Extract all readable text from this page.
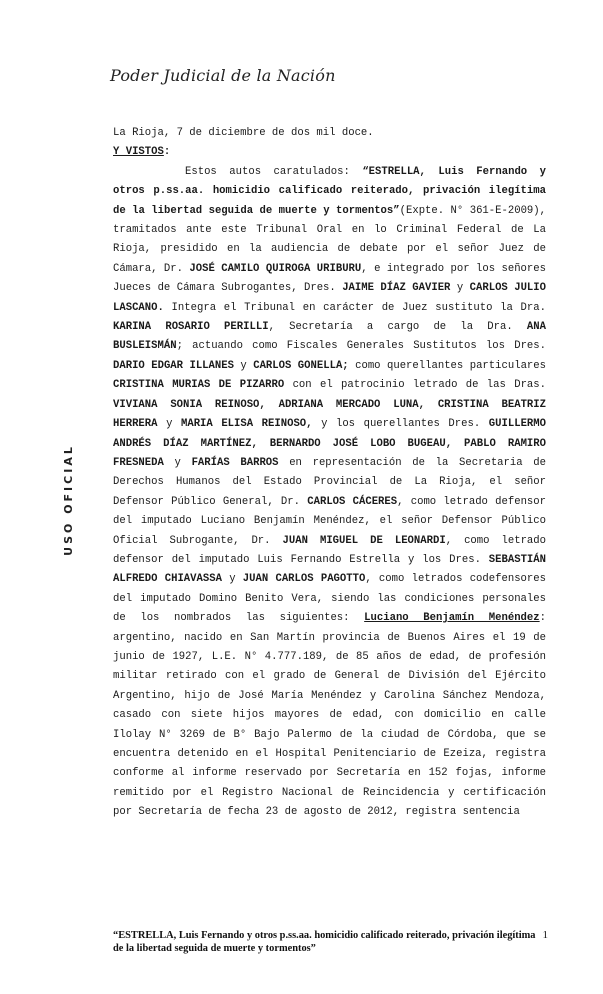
Poder Judicial de la Nación
USO OFICIAL

La Rioja, 7 de diciembre de dos mil doce.

Y VISTOS:

Estos autos caratulados: “ESTRELLA, Luis Fernando y otros p.ss.aa. homicidio calificado reiterado, privación ilegítima de la libertad seguida de muerte y tormentos”(Expte. N° 361-E-2009), tramitados ante este Tribunal Oral en lo Criminal Federal de La Rioja, presidido en la audiencia de debate por el señor Juez de Cámara, Dr. JOSÉ CAMILO QUIROGA URIBURU, e integrado por los señores Jueces de Cámara Subrogantes, Dres. JAIME DÍAZ GAVIER y CARLOS JULIO LASCANO. Integra el Tribunal en carácter de Juez sustituto la Dra. KARINA ROSARIO PERILLI, Secretaría a cargo de la Dra. ANA BUSLEISMÁN; actuando como Fiscales Generales Sustitutos los Dres. DARIO EDGAR ILLANES y CARLOS GONELLA; como querellantes particulares CRISTINA MURIAS DE PIZARRO con el patrocinio letrado de las Dras. VIVIANA SONIA REINOSO, ADRIANA MERCADO LUNA, CRISTINA BEATRIZ HERRERA y MARIA ELISA REINOSO, y los querellantes Dres. GUILLERMO ANDRÉS DÍAZ MARTÍNEZ, BERNARDO JOSÉ LOBO BUGEAU, PABLO RAMIRO FRESNEDA y FARÍAS BARROS en representación de la Secretaria de Derechos Humanos del Estado Provincial de La Rioja, el señor Defensor Público General, Dr. CARLOS CÁCERES, como letrado defensor del imputado Luciano Benjamín Menéndez, el señor Defensor Público Oficial Subrogante, Dr. JUAN MIGUEL DE LEONARDI, como letrado defensor del imputado Luis Fernando Estrella y los Dres. SEBASTIÁN ALFREDO CHIAVASSA y JUAN CARLOS PAGOTTO, como letrados codefensores del imputado Domino Benito Vera, siendo las condiciones personales de los nombrados las siguientes: Luciano Benjamín Menéndez: argentino, nacido en San Martín provincia de Buenos Aires el 19 de junio de 1927, L.E. N° 4.777.189, de 85 años de edad, de profesión militar retirado con el grado de General de División del Ejército Argentino, hijo de José María Menéndez y Carolina Sánchez Mendoza, casado con siete hijos mayores de edad, con domicilio en calle Ilolay N° 3269 de B° Bajo Palermo de la ciudad de Córdoba, que se encuentra detenido en el Hospital Penitenciario de Ezeiza, registra conforme al informe reservado por Secretaría en 152 fojas, informe remitido por el Registro Nacional de Reincidencia y certificación por Secretaría de fecha 23 de agosto de 2012, registra sentencia

“ESTRELLA, Luis Fernando y otros p.ss.aa. homicidio calificado reiterado, privación ilegítima de la libertad seguida de muerte y tormentos”
1
